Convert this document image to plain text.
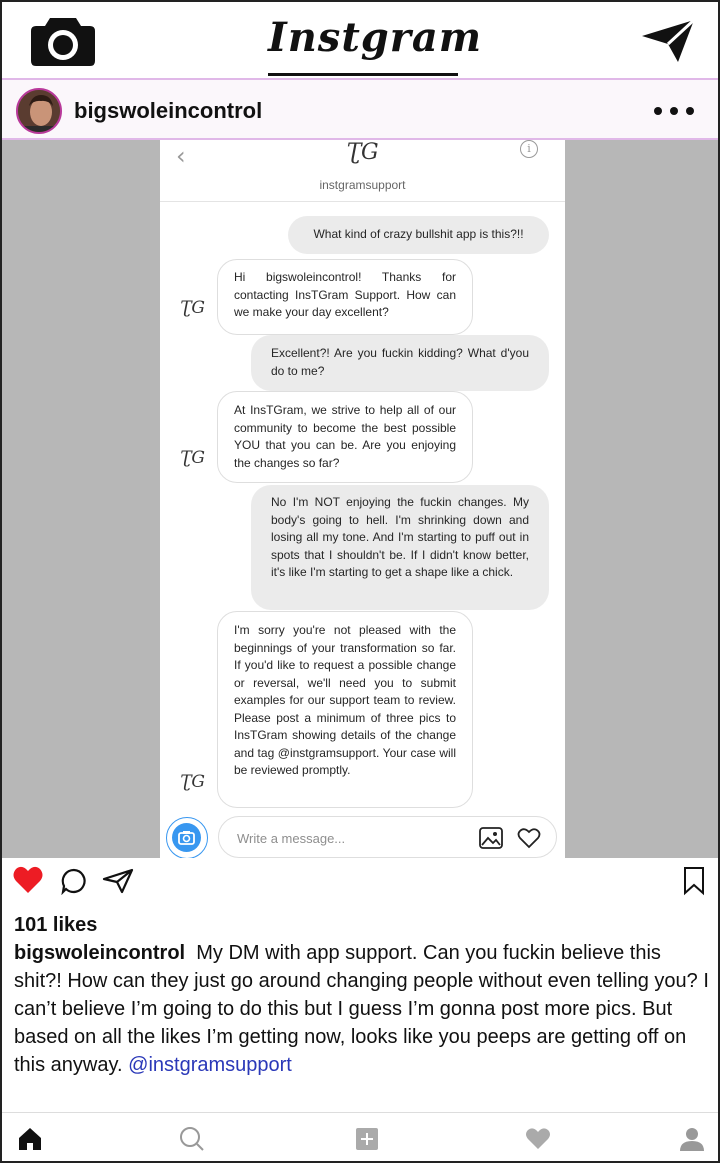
Instgram
bigswoleincontrol
‹	ƮG	i
instgramsupport
What kind of crazy bullshit app is this?!!
ƮG
Hi bigswoleincontrol! Thanks for contacting InsTGram Support. How can we make your day excellent?
Excellent?! Are you fuckin kidding? What d'you do to me?
ƮG
At InsTGram, we strive to help all of our community to become the best possible YOU that you can be. Are you enjoying the changes so far?
No I'm NOT enjoying the fuckin changes. My body's going to hell. I'm shrinking down and losing all my tone. And I'm starting to puff out in spots that I shouldn't be. If I didn't know better, it's like I'm starting to get a shape like a chick.
ƮG
I'm sorry you're not pleased with the beginnings of your transformation so far. If you'd like to request a possible change or reversal, we'll need you to submit examples for our support team to review. Please post a minimum of three pics to InsTGram showing details of the change and tag @instgramsupport. Your case will be reviewed promptly.
Write a message...
101 likes
bigswoleincontrol My DM with app support. Can you fuckin believe this shit?! How can they just go around changing people without even telling you? I can’t believe I’m going to do this but I guess I’m gonna post more pics. But based on all the likes I’m getting now, looks like you peeps are getting off on this anyway. @instgramsupport
